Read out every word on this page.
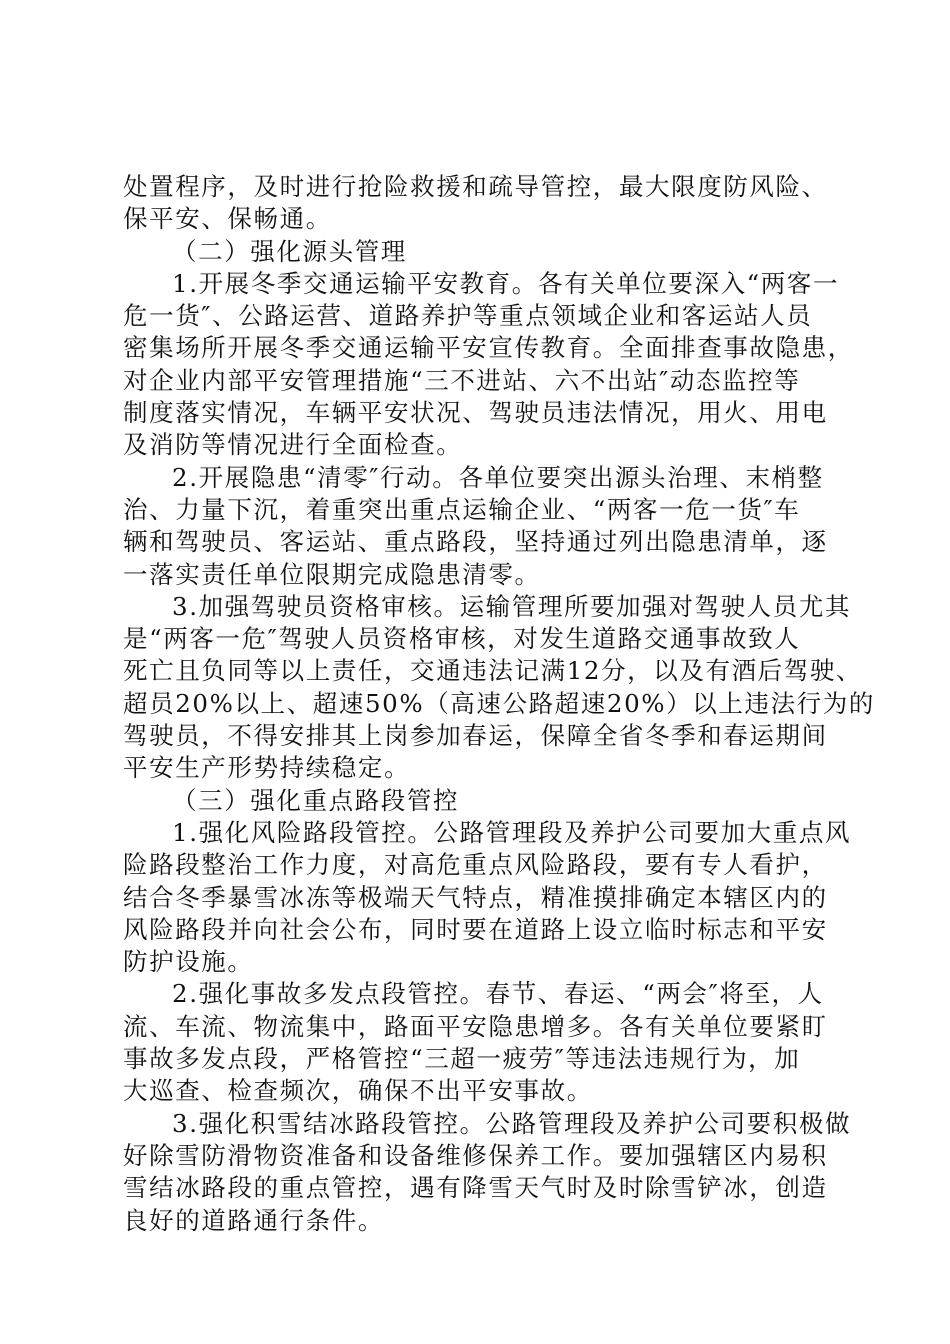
处置程序，及时进行抢险救援和疏导管控，最大限度防风险、
保平安、保畅通。
（二）强化源头管理
1.开展冬季交通运输平安教育。各有关单位要深入“两客一
危一货″、公路运营、道路养护等重点领域企业和客运站人员
密集场所开展冬季交通运输平安宣传教育。全面排查事故隐患，
对企业内部平安管理措施“三不进站、六不出站″动态监控等
制度落实情况，车辆平安状况、驾驶员违法情况，用火、用电
及消防等情况进行全面检查。
2.开展隐患“清零″行动。各单位要突出源头治理、末梢整
治、力量下沉，着重突出重点运输企业、“两客一危一货″车
辆和驾驶员、客运站、重点路段，坚持通过列出隐患清单，逐
一落实责任单位限期完成隐患清零。
3.加强驾驶员资格审核。运输管理所要加强对驾驶人员尤其
是“两客一危″驾驶人员资格审核，对发生道路交通事故致人
死亡且负同等以上责任，交通违法记满12分，以及有酒后驾驶、
超员20%以上、超速50%（高速公路超速20%）以上违法行为的
驾驶员，不得安排其上岗参加春运，保障全省冬季和春运期间
平安生产形势持续稳定。
（三）强化重点路段管控
1.强化风险路段管控。公路管理段及养护公司要加大重点风
险路段整治工作力度，对高危重点风险路段，要有专人看护，
结合冬季暴雪冰冻等极端天气特点，精准摸排确定本辖区内的
风险路段并向社会公布，同时要在道路上设立临时标志和平安
防护设施。
2.强化事故多发点段管控。春节、春运、“两会″将至，人
流、车流、物流集中，路面平安隐患增多。各有关单位要紧盯
事故多发点段，严格管控“三超一疲劳″等违法违规行为，加
大巡查、检查频次，确保不出平安事故。
3.强化积雪结冰路段管控。公路管理段及养护公司要积极做
好除雪防滑物资准备和设备维修保养工作。要加强辖区内易积
雪结冰路段的重点管控，遇有降雪天气时及时除雪铲冰，创造
良好的道路通行条件。
